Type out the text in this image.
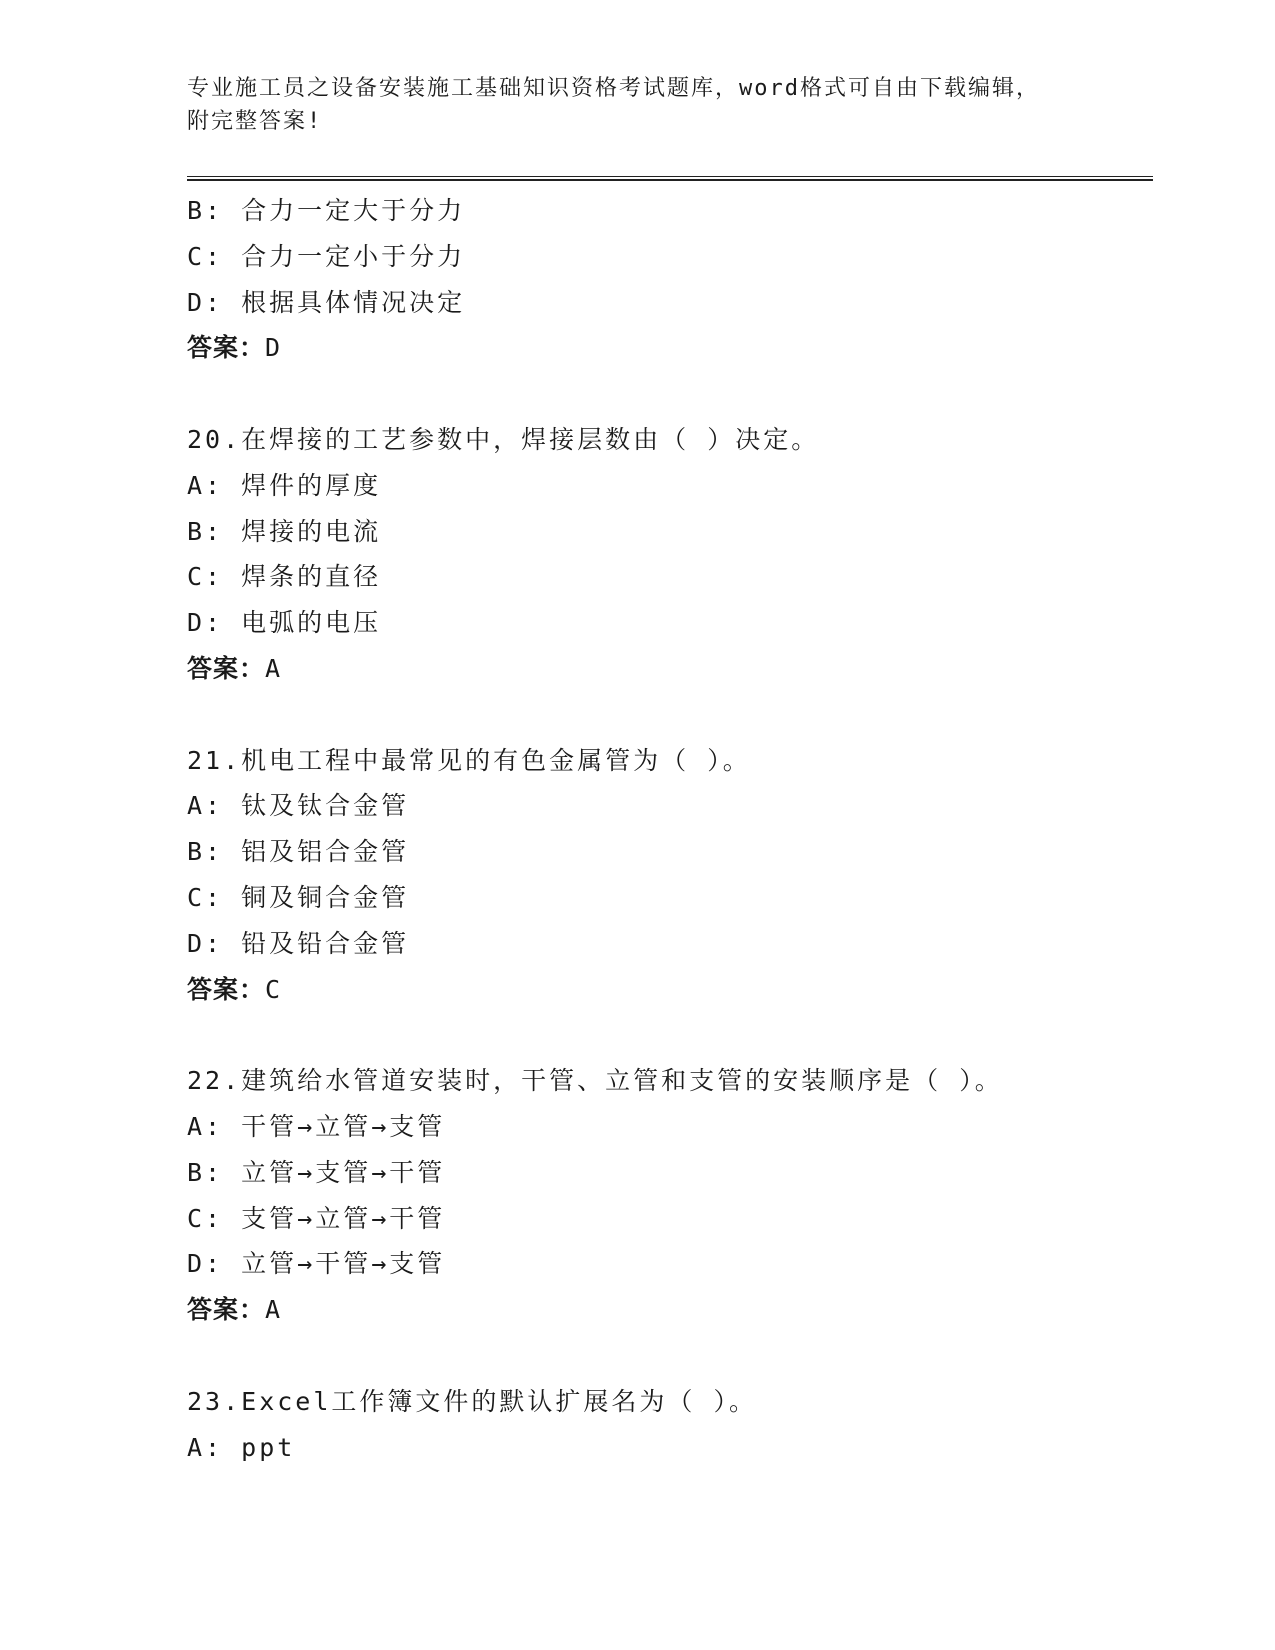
专业施工员之设备安装施工基础知识资格考试题库，word格式可自由下载编辑，
附完整答案!
B: 合力一定大于分力
C: 合力一定小于分力
D: 根据具体情况决定
答案：D
20.在焊接的工艺参数中，焊接层数由（ ）决定。
A: 焊件的厚度
B: 焊接的电流
C: 焊条的直径
D: 电弧的电压
答案：A
21.机电工程中最常见的有色金属管为（ ）。
A: 钛及钛合金管
B: 铝及铝合金管
C: 铜及铜合金管
D: 铅及铅合金管
答案：C
22.建筑给水管道安装时，干管、立管和支管的安装顺序是（ ）。
A: 干管→立管→支管
B: 立管→支管→干管
C: 支管→立管→干管
D: 立管→干管→支管
答案：A
23.Excel工作簿文件的默认扩展名为（ ）。
A: ppt
